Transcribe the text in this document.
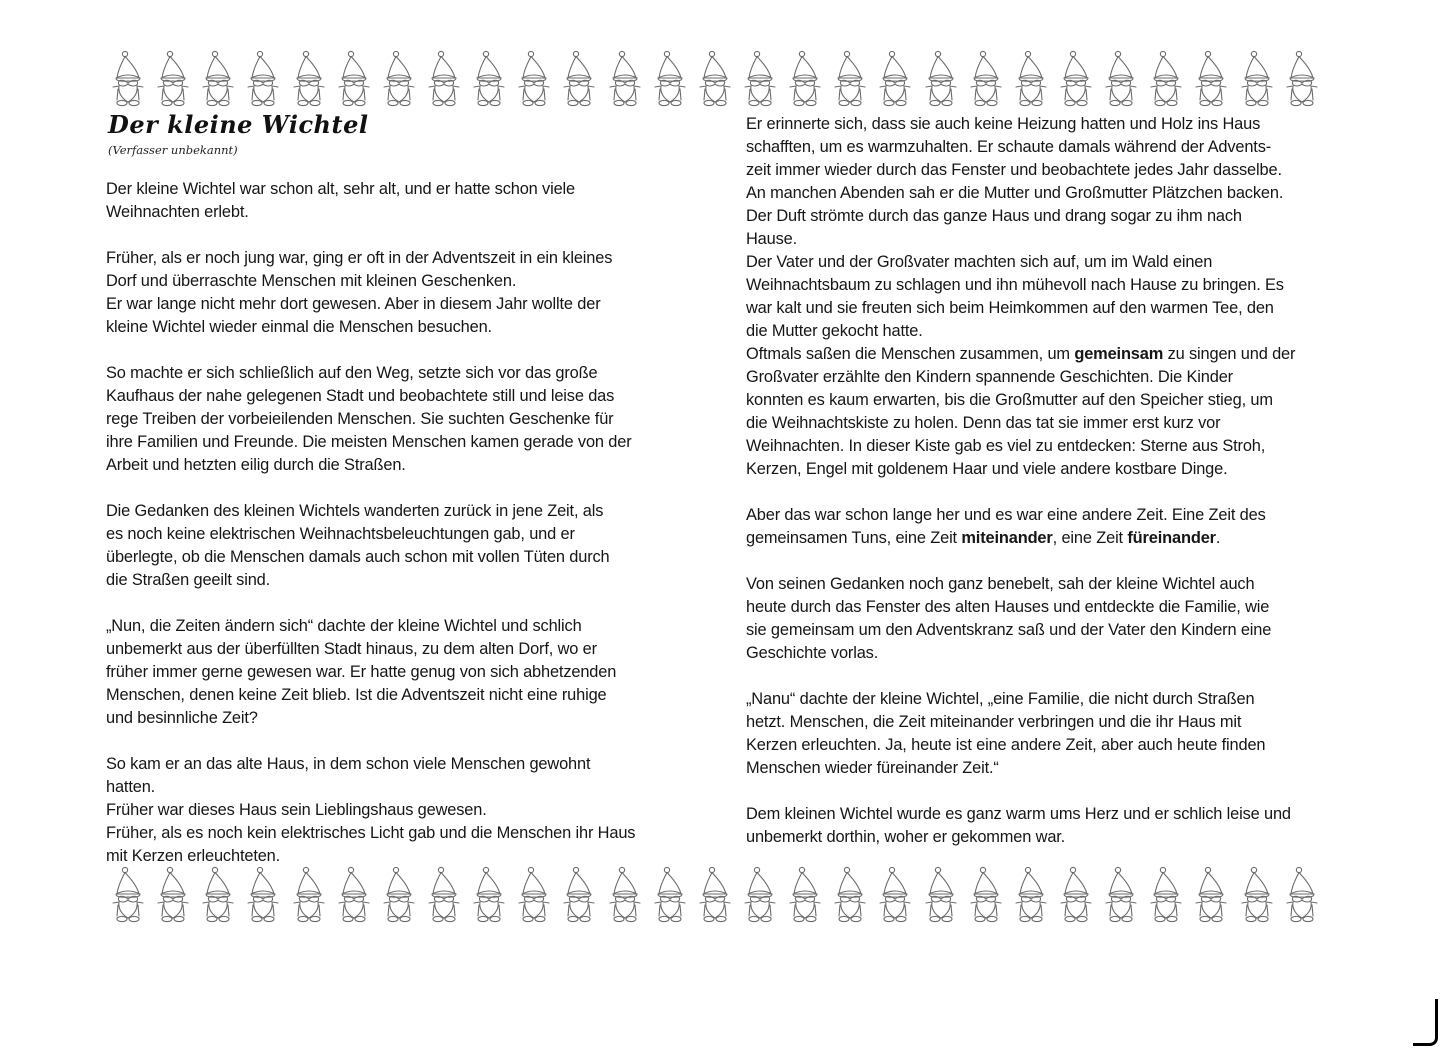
Der kleine Wichtel
(Verfasser unbekannt)
Der kleine Wichtel war schon alt, sehr alt, und er hatte schon viele
Weihnachten erlebt.
Früher, als er noch jung war, ging er oft in der Adventszeit in ein kleines
Dorf und überraschte Menschen mit kleinen Geschenken.
Er war lange nicht mehr dort gewesen. Aber in diesem Jahr wollte der
kleine Wichtel wieder einmal die Menschen besuchen.
So machte er sich schließlich auf den Weg, setzte sich vor das große
Kaufhaus der nahe gelegenen Stadt und beobachtete still und leise das
rege Treiben der vorbeieilenden Menschen. Sie suchten Geschenke für
ihre Familien und Freunde. Die meisten Menschen kamen gerade von der
Arbeit und hetzten eilig durch die Straßen.
Die Gedanken des kleinen Wichtels wanderten zurück in jene Zeit, als
es noch keine elektrischen Weihnachtsbeleuchtungen gab, und er
überlegte, ob die Menschen damals auch schon mit vollen Tüten durch
die Straßen geeilt sind.
„Nun, die Zeiten ändern sich“ dachte der kleine Wichtel und schlich
unbemerkt aus der überfüllten Stadt hinaus, zu dem alten Dorf, wo er
früher immer gerne gewesen war. Er hatte genug von sich abhetzenden
Menschen, denen keine Zeit blieb. Ist die Adventszeit nicht eine ruhige
und besinnliche Zeit?
So kam er an das alte Haus, in dem schon viele Menschen gewohnt
hatten.
Früher war dieses Haus sein Lieblingshaus gewesen.
Früher, als es noch kein elektrisches Licht gab und die Menschen ihr Haus
mit Kerzen erleuchteten.
Er erinnerte sich, dass sie auch keine Heizung hatten und Holz ins Haus
schafften, um es warmzuhalten. Er schaute damals während der Advents-
zeit immer wieder durch das Fenster und beobachtete jedes Jahr dasselbe.
An manchen Abenden sah er die Mutter und Großmutter Plätzchen backen.
Der Duft strömte durch das ganze Haus und drang sogar zu ihm nach
Hause.
Der Vater und der Großvater machten sich auf, um im Wald einen
Weihnachtsbaum zu schlagen und ihn mühevoll nach Hause zu bringen. Es
war kalt und sie freuten sich beim Heimkommen auf den warmen Tee, den
die Mutter gekocht hatte.
Oftmals saßen die Menschen zusammen, um gemeinsam zu singen und der
Großvater erzählte den Kindern spannende Geschichten. Die Kinder
konnten es kaum erwarten, bis die Großmutter auf den Speicher stieg, um
die Weihnachtskiste zu holen. Denn das tat sie immer erst kurz vor
Weihnachten. In dieser Kiste gab es viel zu entdecken: Sterne aus Stroh,
Kerzen, Engel mit goldenem Haar und viele andere kostbare Dinge.
Aber das war schon lange her und es war eine andere Zeit. Eine Zeit des
gemeinsamen Tuns, eine Zeit miteinander, eine Zeit füreinander.
Von seinen Gedanken noch ganz benebelt, sah der kleine Wichtel auch
heute durch das Fenster des alten Hauses und entdeckte die Familie, wie
sie gemeinsam um den Adventskranz saß und der Vater den Kindern eine
Geschichte vorlas.
„Nanu“ dachte der kleine Wichtel, „eine Familie, die nicht durch Straßen
hetzt. Menschen, die Zeit miteinander verbringen und die ihr Haus mit
Kerzen erleuchten. Ja, heute ist eine andere Zeit, aber auch heute finden
Menschen wieder füreinander Zeit.“
Dem kleinen Wichtel wurde es ganz warm ums Herz und er schlich leise und
unbemerkt dorthin, woher er gekommen war.
